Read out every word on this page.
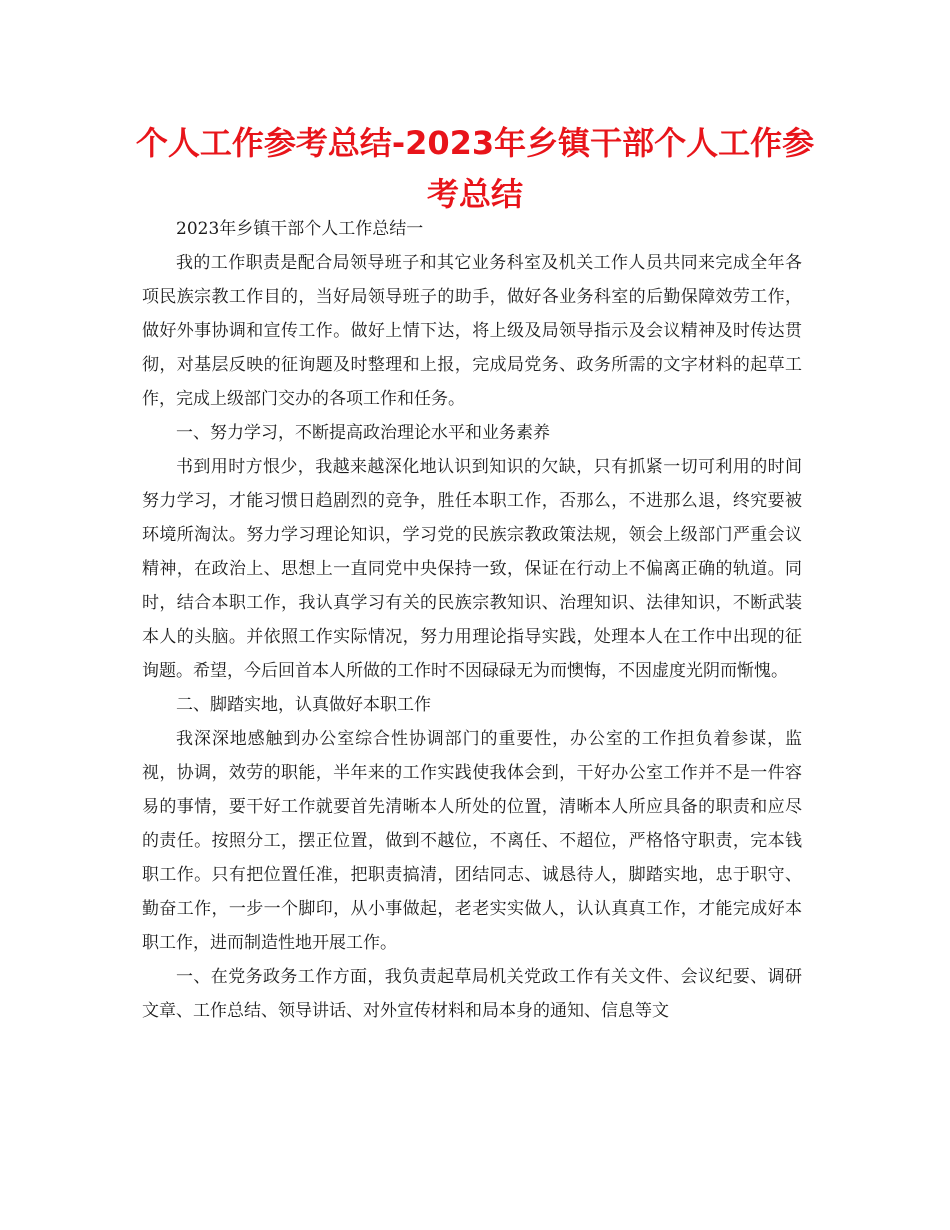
个人工作参考总结-2023年乡镇干部个人工作参考总结

2023年乡镇干部个人工作总结一

我的工作职责是配合局领导班子和其它业务科室及机关工作人员共同来完成全年各项民族宗教工作目的，当好局领导班子的助手，做好各业务科室的后勤保障效劳工作，做好外事协调和宣传工作。做好上情下达，将上级及局领导指示及会议精神及时传达贯彻，对基层反映的征询题及时整理和上报，完成局党务、政务所需的文字材料的起草工作，完成上级部门交办的各项工作和任务。

一、努力学习，不断提高政治理论水平和业务素养

书到用时方恨少，我越来越深化地认识到知识的欠缺，只有抓紧一切可利用的时间努力学习，才能习惯日趋剧烈的竞争，胜任本职工作，否那么，不进那么退，终究要被环境所淘汰。努力学习理论知识，学习党的民族宗教政策法规，领会上级部门严重会议精神，在政治上、思想上一直同党中央保持一致，保证在行动上不偏离正确的轨道。同时，结合本职工作，我认真学习有关的民族宗教知识、治理知识、法律知识，不断武装本人的头脑。并依照工作实际情况，努力用理论指导实践，处理本人在工作中出现的征询题。希望，今后回首本人所做的工作时不因碌碌无为而懊悔，不因虚度光阴而惭愧。

二、脚踏实地，认真做好本职工作

我深深地感触到办公室综合性协调部门的重要性，办公室的工作担负着参谋，监视，协调，效劳的职能，半年来的工作实践使我体会到，干好办公室工作并不是一件容易的事情，要干好工作就要首先清晰本人所处的位置，清晰本人所应具备的职责和应尽的责任。按照分工，摆正位置，做到不越位，不离任、不超位，严格恪守职责，完本钱职工作。只有把位置任准，把职责搞清，团结同志、诚恳待人，脚踏实地，忠于职守、勤奋工作，一步一个脚印，从小事做起，老老实实做人，认认真真工作，才能完成好本职工作，进而制造性地开展工作。

一、在党务政务工作方面，我负责起草局机关党政工作有关文件、会议纪要、调研文章、工作总结、领导讲话、对外宣传材料和局本身的通知、信息等文
